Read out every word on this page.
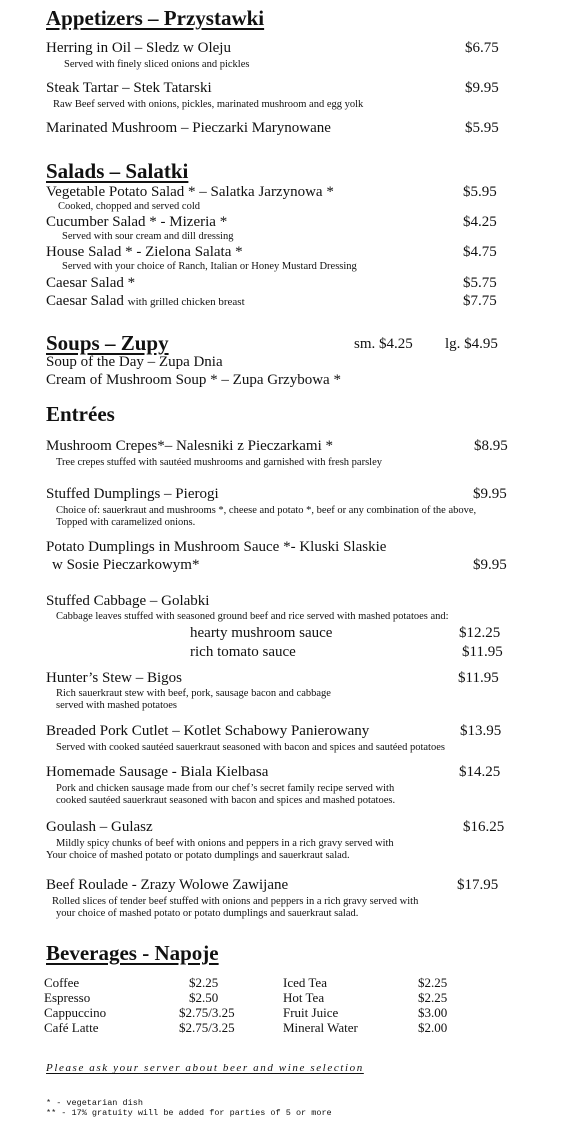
Appetizers – Przystawki
Herring in Oil – Sledz w Oleju	$6.75
Served with finely sliced onions and pickles
Steak Tartar – Stek Tatarski	$9.95
Raw Beef served with onions, pickles, marinated mushroom and egg yolk
Marinated Mushroom – Pieczarki Marynowane	$5.95
Salads – Salatki
Vegetable Potato Salad * – Salatka Jarzynowa *	$5.95
Cooked, chopped and served cold
Cucumber Salad * - Mizeria *	$4.25
Served with sour cream and dill dressing
House Salad * - Zielona Salata *	$4.75
Served with your choice of Ranch, Italian or Honey Mustard Dressing
Caesar Salad *	$5.75
Caesar Salad with grilled chicken breast	$7.75
Soups – Zupy	sm. $4.25 lg. $4.95
Soup of the Day – Zupa Dnia
Cream of Mushroom Soup * – Zupa Grzybowa *
Entrées
Mushroom Crepes*– Nalesniki z Pieczarkami *	$8.95
Tree crepes stuffed with sautéed mushrooms and garnished with fresh parsley
Stuffed Dumplings – Pierogi	$9.95
Choice of: sauerkraut and mushrooms *, cheese and potato *, beef or any combination of the above,
Topped with caramelized onions.
Potato Dumplings in Mushroom Sauce *- Kluski Slaskie
w Sosie Pieczarkowym*	$9.95
Stuffed Cabbage – Golabki
Cabbage leaves stuffed with seasoned ground beef and rice served with mashed potatoes and:
hearty mushroom sauce	$12.25
rich tomato sauce	$11.95
Hunter’s Stew – Bigos	$11.95
Rich sauerkraut stew with beef, pork, sausage bacon and cabbage
served with mashed potatoes
Breaded Pork Cutlet – Kotlet Schabowy Panierowany	$13.95
Served with cooked sautéed sauerkraut seasoned with bacon and spices and sautéed potatoes
Homemade Sausage - Biala Kielbasa	$14.25
Pork and chicken sausage made from our chef’s secret family recipe served with
cooked sautéed sauerkraut seasoned with bacon and spices and mashed potatoes.
Goulash – Gulasz	$16.25
Mildly spicy chunks of beef with onions and peppers in a rich gravy served with
Your choice of mashed potato or potato dumplings and sauerkraut salad.
Beef Roulade - Zrazy Wolowe Zawijane	$17.95
Rolled slices of tender beef stuffed with onions and peppers in a rich gravy served with
your choice of mashed potato or potato dumplings and sauerkraut salad.
Beverages - Napoje
Coffee	$2.25	Iced Tea	$2.25
Espresso	$2.50	Hot Tea	$2.25
Cappuccino	$2.75/3.25	Fruit Juice	$3.00
Café Latte	$2.75/3.25	Mineral Water	$2.00
Please ask your server about beer and wine selection
* - vegetarian dish
** - 17% gratuity will be added for parties of 5 or more
